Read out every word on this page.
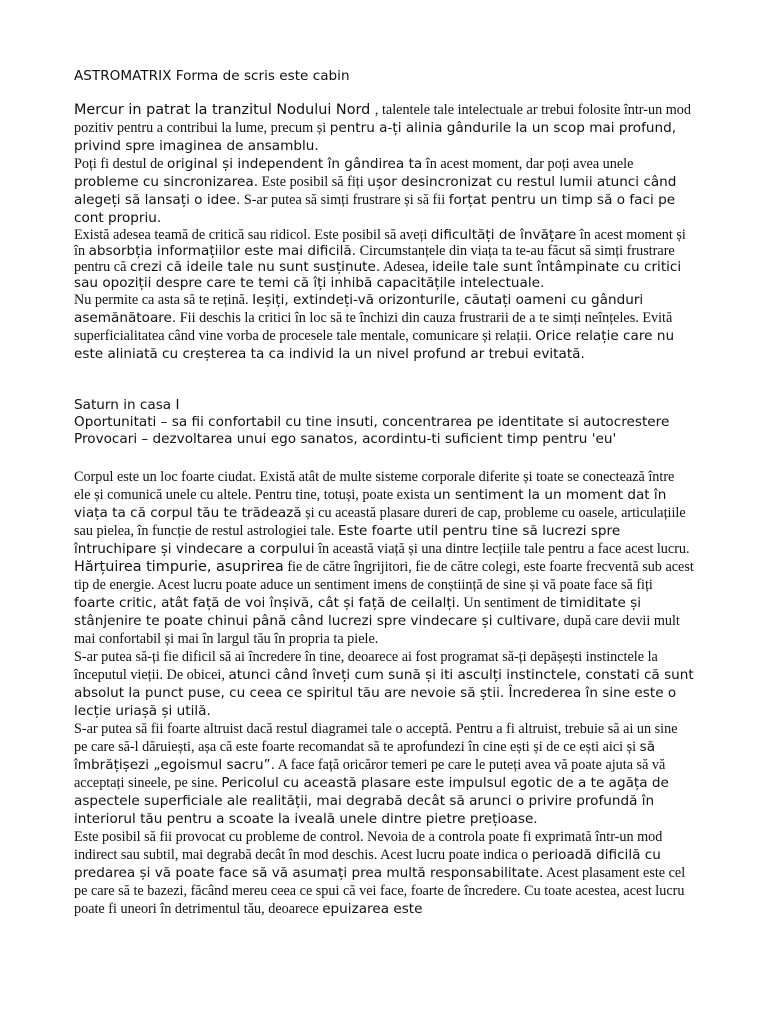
ASTROMATRIX Forma de scris este cabin

Mercur in patrat la tranzitul Nodului Nord , talentele tale intelectuale ar trebui folosite într-un mod pozitiv pentru a contribui la lume, precum și pentru a-ți alinia gândurile la un scop mai profund, privind spre imaginea de ansamblu.

Poți fi destul de original și independent în gândirea ta în acest moment, dar poți avea unele probleme cu sincronizarea. Este posibil să fiți ușor desincronizat cu restul lumii atunci când alegeți să lansați o idee. S-ar putea să simți frustrare și să fii forțat pentru un timp să o faci pe cont propriu.

Există adesea teamă de critică sau ridicol. Este posibil să aveți dificultăți de învățare în acest moment și în absorbția informațiilor este mai dificilă. Circumstanțele din viața ta te-au făcut să simți frustrare pentru că crezi că ideile tale nu sunt susținute. Adesea, ideile tale sunt întâmpinate cu critici sau opoziții despre care te temi că îți inhibă capacitățile intelectuale.

Nu permite ca asta să te rețină. Ieșiți, extindeți-vă orizonturile, căutați oameni cu gânduri asemănătoare. Fii deschis la critici în loc să te închizi din cauza frustrarii de a te simți neînțeles. Evită superficialitatea când vine vorba de procesele tale mentale, comunicare și relații. Orice relație care nu este aliniată cu creșterea ta ca individ la un nivel profund ar trebui evitată.

Saturn in casa I

Oportunitati – sa fii confortabil cu tine insuti, concentrarea pe identitate si autocrestere

Provocari – dezvoltarea unui ego sanatos, acordintu-ti suficient timp pentru 'eu'

Corpul este un loc foarte ciudat. Există atât de multe sisteme corporale diferite și toate se conectează între ele și comunică unele cu altele. Pentru tine, totuși, poate exista un sentiment la un moment dat în viața ta că corpul tău te trădează și cu această plasare dureri de cap, probleme cu oasele, articulațiile sau pielea, în funcție de restul astrologiei tale. Este foarte util pentru tine să lucrezi spre întruchipare și vindecare a corpului în această viață și una dintre lecțiile tale pentru a face acest lucru.

Hărțuirea timpurie, asuprirea fie de către îngrijitori, fie de către colegi, este foarte frecventă sub acest tip de energie. Acest lucru poate aduce un sentiment imens de conștiință de sine și vă poate face să fiți foarte critic, atât față de voi înșivă, cât și față de ceilalți. Un sentiment de timiditate și stânjenire te poate chinui până când lucrezi spre vindecare și cultivare, după care devii mult mai confortabil și mai în largul tău în propria ta piele.

S-ar putea să-ți fie dificil să ai încredere în tine, deoarece ai fost programat să-ți depășești instinctele la începutul vieții. De obicei, atunci când înveți cum sună și iti asculți instinctele, constati că sunt absolut la punct puse, cu ceea ce spiritul tău are nevoie să știi. Încrederea în sine este o lecție uriașă și utilă.

S-ar putea să fii foarte altruist dacă restul diagramei tale o acceptă. Pentru a fi altruist, trebuie să ai un sine pe care să-l dăruiești, așa că este foarte recomandat să te aprofundezi în cine ești și de ce ești aici și să îmbrățișezi „egoismul sacru”. A face față oricăror temeri pe care le puteți avea vă poate ajuta să vă acceptați sineele, pe sine. Pericolul cu această plasare este impulsul egotic de a te agăța de aspectele superficiale ale realității, mai degrabă decât să arunci o privire profundă în interiorul tău pentru a scoate la iveală unele dintre pietre prețioase.

Este posibil să fii provocat cu probleme de control. Nevoia de a controla poate fi exprimată într-un mod indirect sau subtil, mai degrabă decât în mod deschis. Acest lucru poate indica o perioadă dificilă cu predarea și vă poate face să vă asumați prea multă responsabilitate. Acest plasament este cel pe care să te bazezi, făcând mereu ceea ce spui că vei face, foarte de încredere. Cu toate acestea, acest lucru poate fi uneori în detrimentul tău, deoarece epuizarea este
